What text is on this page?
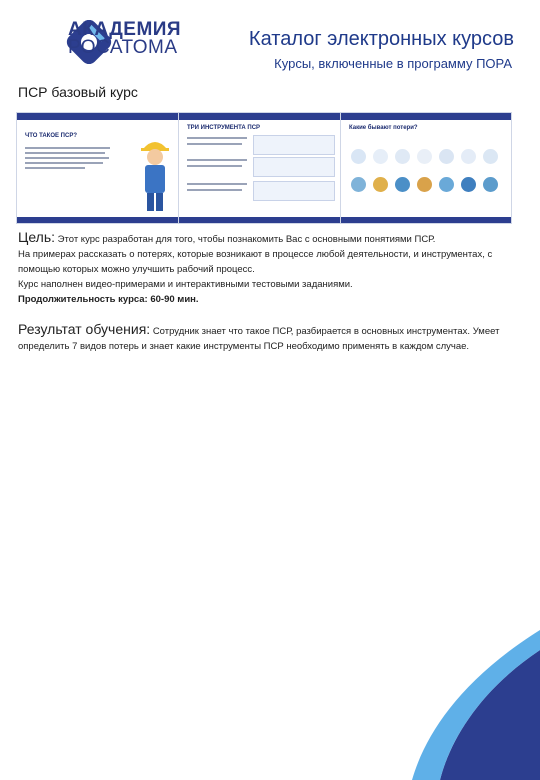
АКАДЕМИЯ
РОСАТОМА	Каталог электронных курсов
Курсы, включенные в программу ПОРА
ПСР базовый курс
ЧТО ТАКОЕ ПСР?
ТРИ ИНСТРУМЕНТА ПСР	Какие бывают потери?
Цель: Этот курс разработан для того, чтобы познакомить Вас с основными понятиями ПСР.
На примерах рассказать о потерях, которые возникают в процессе любой деятельности, и инструментах, с помощью которых можно улучшить рабочий процесс.
Курс наполнен видео-примерами и интерактивными тестовыми заданиями.
Продолжительность курса: 60-90 мин.
Результат обучения: Сотрудник знает что такое ПСР, разбирается в основных инструментах. Умеет определить 7 видов потерь и знает какие инструменты ПСР необходимо применять в каждом случае.
